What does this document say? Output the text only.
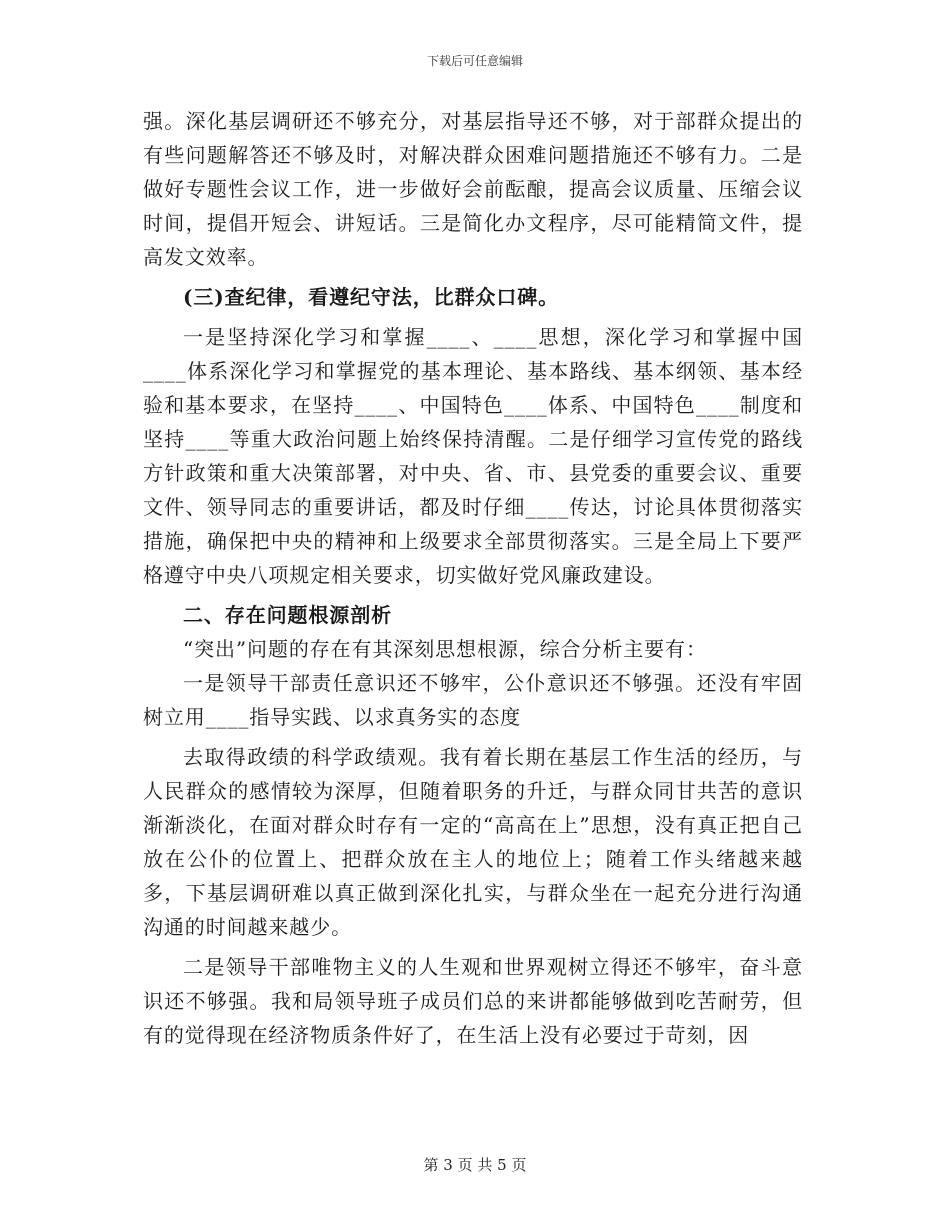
下载后可任意编辑

强。深化基层调研还不够充分，对基层指导还不够，对于部群众提出的有些问题解答还不够及时，对解决群众困难问题措施还不够有力。二是做好专题性会议工作，进一步做好会前酝酿，提高会议质量、压缩会议时间，提倡开短会、讲短话。三是简化办文程序，尽可能精简文件，提高发文效率。

(三)查纪律，看遵纪守法，比群众口碑。

一是坚持深化学习和掌握____、____思想，深化学习和掌握中国____体系深化学习和掌握党的基本理论、基本路线、基本纲领、基本经验和基本要求，在坚持____、中国特色____体系、中国特色____制度和坚持____等重大政治问题上始终保持清醒。二是仔细学习宣传党的路线方针政策和重大决策部署，对中央、省、市、县党委的重要会议、重要文件、领导同志的重要讲话，都及时仔细____传达，讨论具体贯彻落实措施，确保把中央的精神和上级要求全部贯彻落实。三是全局上下要严格遵守中央八项规定相关要求，切实做好党风廉政建设。

二、存在问题根源剖析

“突出”问题的存在有其深刻思想根源，综合分析主要有：

一是领导干部责任意识还不够牢，公仆意识还不够强。还没有牢固树立用____指导实践、以求真务实的态度

去取得政绩的科学政绩观。我有着长期在基层工作生活的经历，与人民群众的感情较为深厚，但随着职务的升迁，与群众同甘共苦的意识渐渐淡化，在面对群众时存有一定的“高高在上”思想，没有真正把自己放在公仆的位置上、把群众放在主人的地位上；随着工作头绪越来越多，下基层调研难以真正做到深化扎实，与群众坐在一起充分进行沟通沟通的时间越来越少。

二是领导干部唯物主义的人生观和世界观树立得还不够牢，奋斗意识还不够强。我和局领导班子成员们总的来讲都能够做到吃苦耐劳，但有的觉得现在经济物质条件好了，在生活上没有必要过于苛刻，因

第 3 页 共 5 页
